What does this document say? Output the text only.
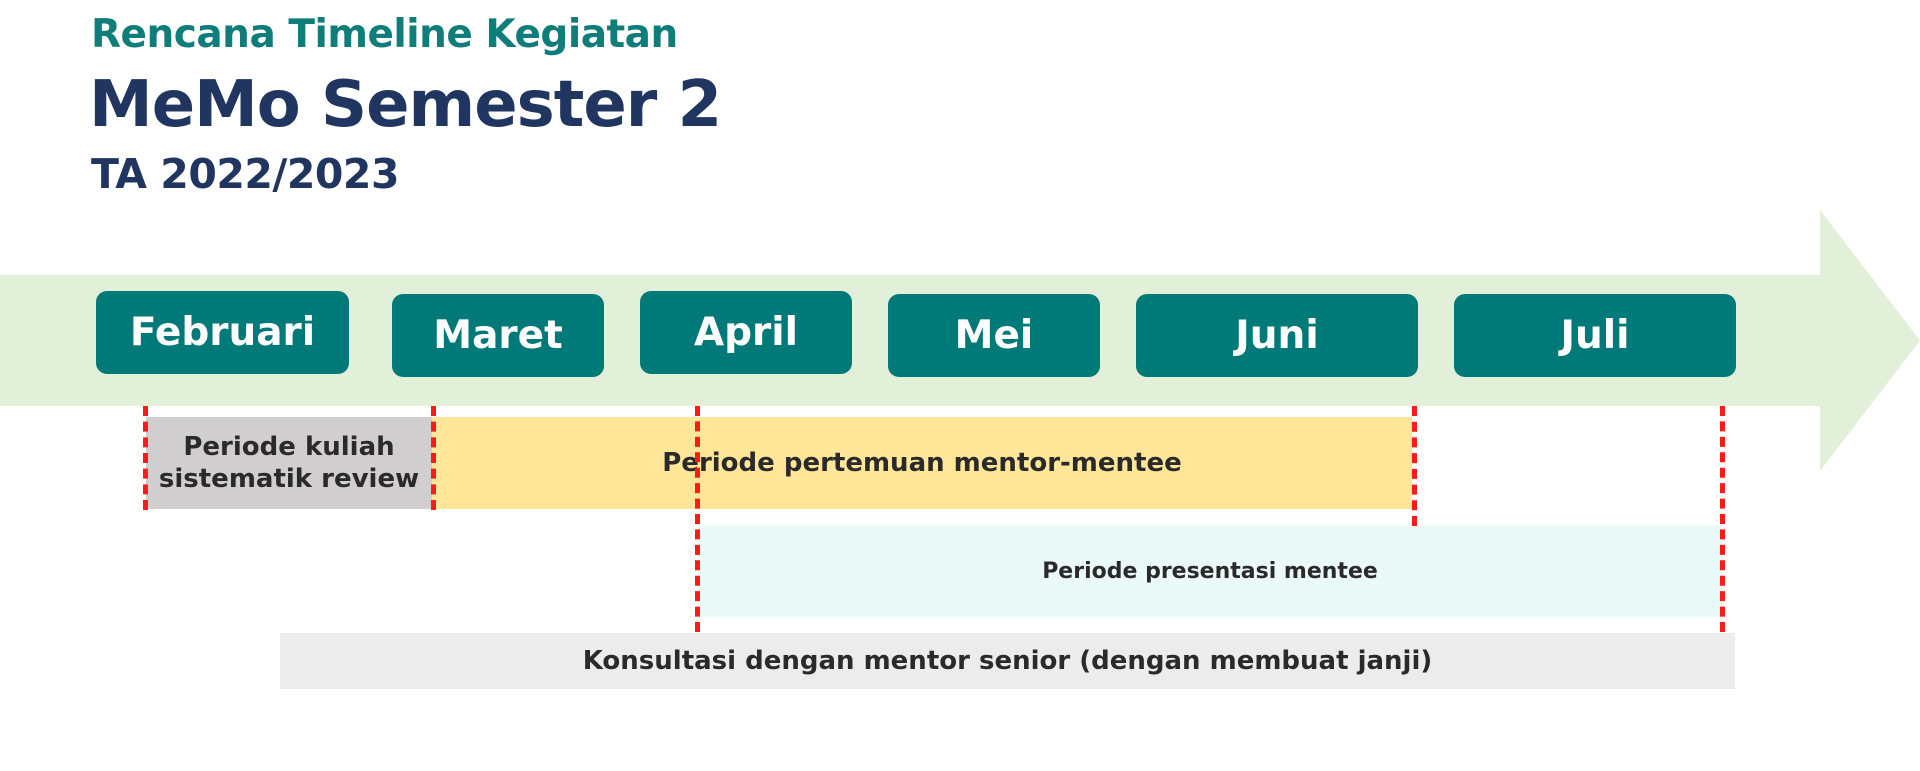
Rencana Timeline Kegiatan
MeMo Semester 2
TA 2022/2023
Februari	Maret	April	Mei	Juni	Juli
Periode kuliah
sistematik review
Periode pertemuan mentor-mentee
Periode presentasi mentee
Konsultasi dengan mentor senior (dengan membuat janji)
